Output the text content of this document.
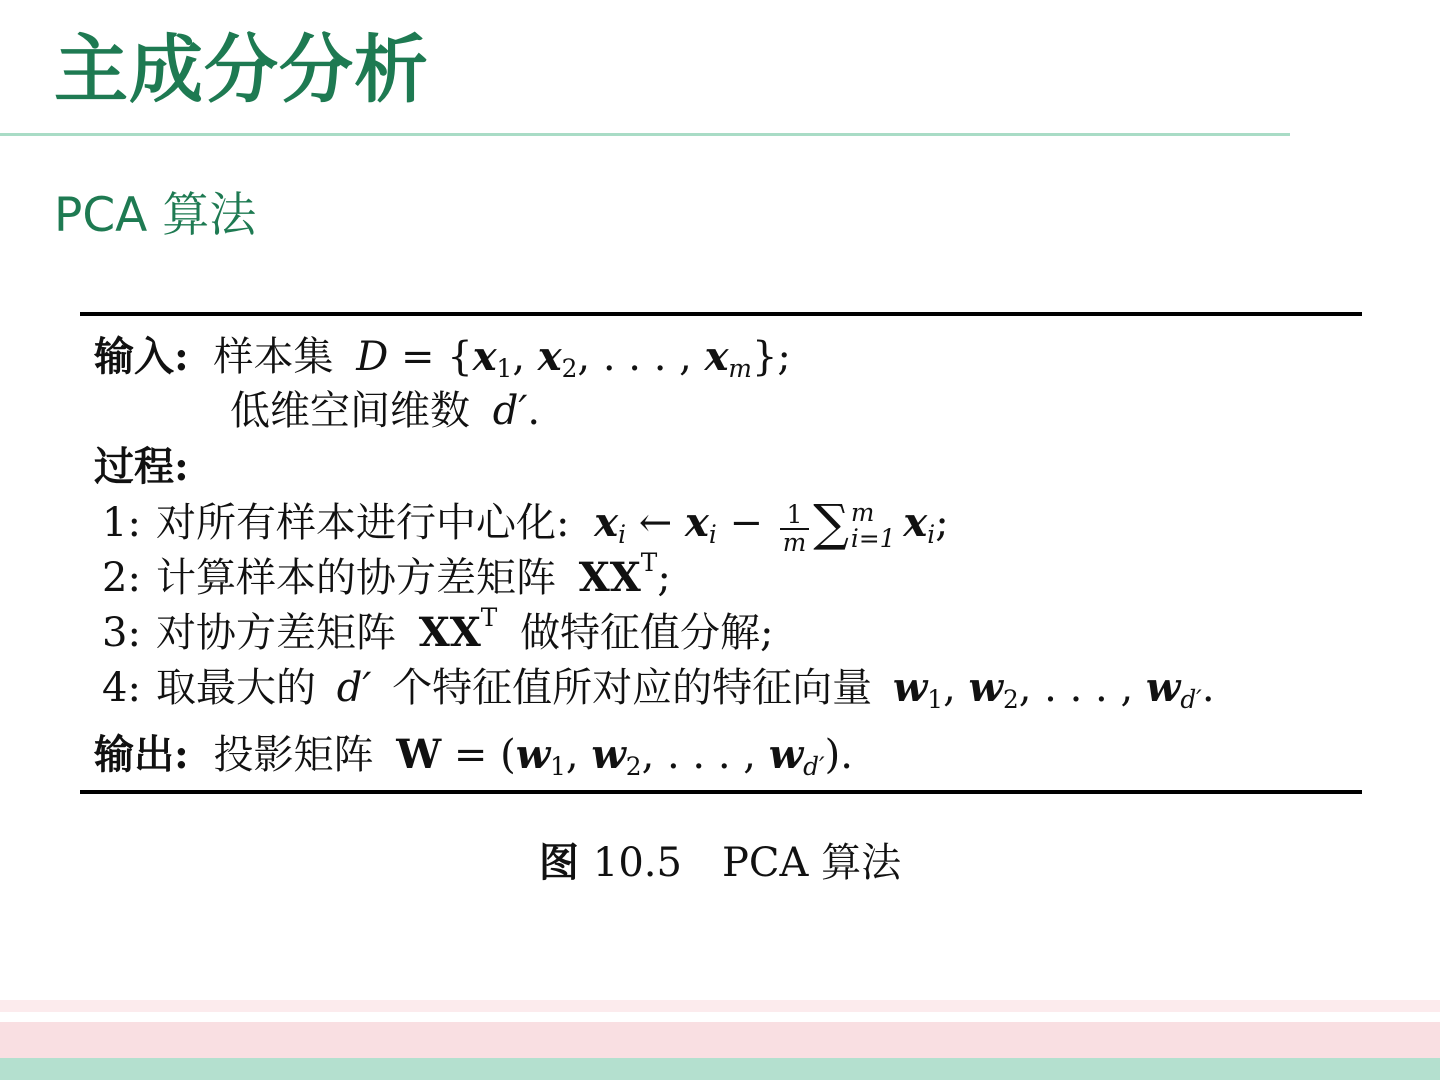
主成分分析
PCA 算法
输入: 样本集 $D = \{x_1$, $x_2$, . . . , $x_m$};
低维空间维数 d′.
过程:
1: 对所有样本进行中心化: $x_i$ ← $x_i - \frac{1}{m}$ ∑ m
i=1 $x_i$;
2: 计算样本的协方差矩阵 $XX^T$;
3: 对协方差矩阵 $XX^T$ 做特征值分解;
4: 取最大的 d′ 个特征值所对应的特征向量 $w_1$, $w_2$, . . . , $w_{d'}$.
输出: 投影矩阵 $W = (w_1$, $w_2$, . . . , $w_{d'}$).

图 10.5 PCA 算法
